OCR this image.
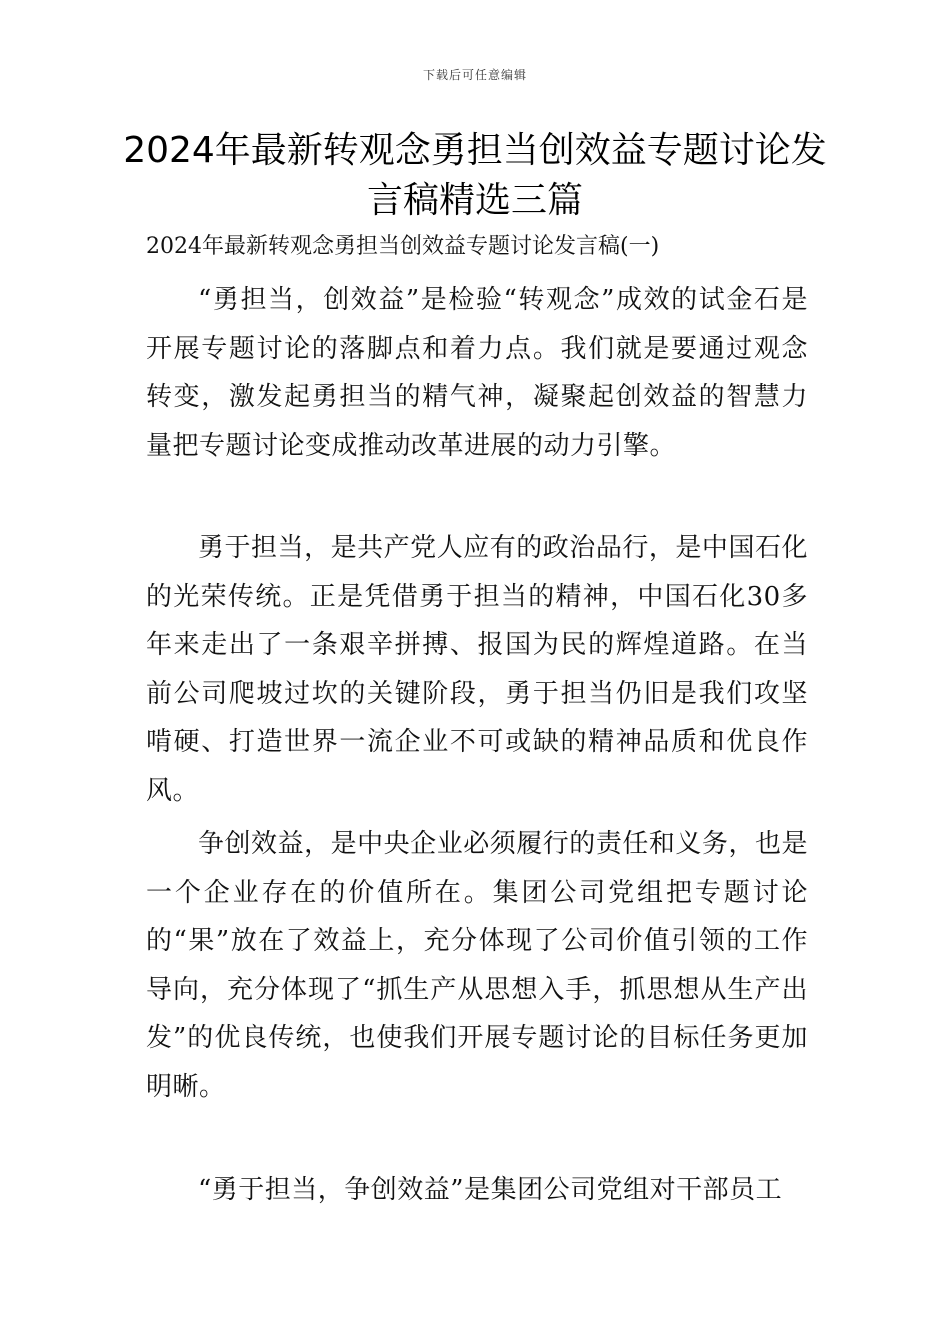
下载后可任意编辑
2024年最新转观念勇担当创效益专题讨论发言稿精选三篇

2024年最新转观念勇担当创效益专题讨论发言稿(一)

“勇担当，创效益”是检验“转观念”成效的试金石是开展专题讨论的落脚点和着力点。我们就是要通过观念转变，激发起勇担当的精气神，凝聚起创效益的智慧力量把专题讨论变成推动改革进展的动力引擎。

勇于担当，是共产党人应有的政治品行，是中国石化的光荣传统。正是凭借勇于担当的精神，中国石化30多年来走出了一条艰辛拼搏、报国为民的辉煌道路。在当前公司爬坡过坎的关键阶段，勇于担当仍旧是我们攻坚啃硬、打造世界一流企业不可或缺的精神品质和优良作风。

争创效益，是中央企业必须履行的责任和义务，也是一个企业存在的价值所在。集团公司党组把专题讨论的“果”放在了效益上，充分体现了公司价值引领的工作导向，充分体现了“抓生产从思想入手，抓思想从生产出发”的优良传统，也使我们开展专题讨论的目标任务更加明晰。

“勇于担当，争创效益”是集团公司党组对干部员工
